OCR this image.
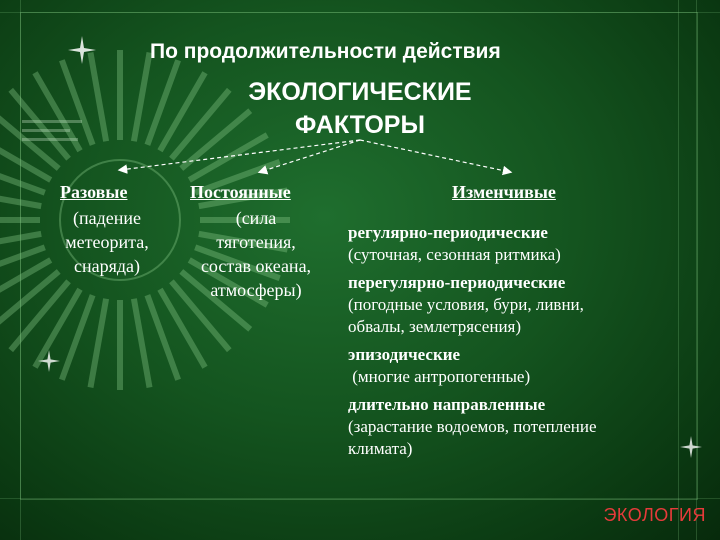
По продолжительности действия
ЭКОЛОГИЧЕСКИЕ
ФАКТОРЫ
Разовые
(падение
метеорита,
снаряда)
Постоянные
(сила
тяготения,
состав океана,
атмосферы)
Изменчивые
регулярно-периодические
(суточная, сезонная ритмика)
перегулярно-периодические
(погодные условия, бури, ливни,
обвалы, землетрясения)
эпизодические
(многие антропогенные)
длительно направленные
(зарастание водоемов, потепление
климата)
ЭКОЛОГИЯ
